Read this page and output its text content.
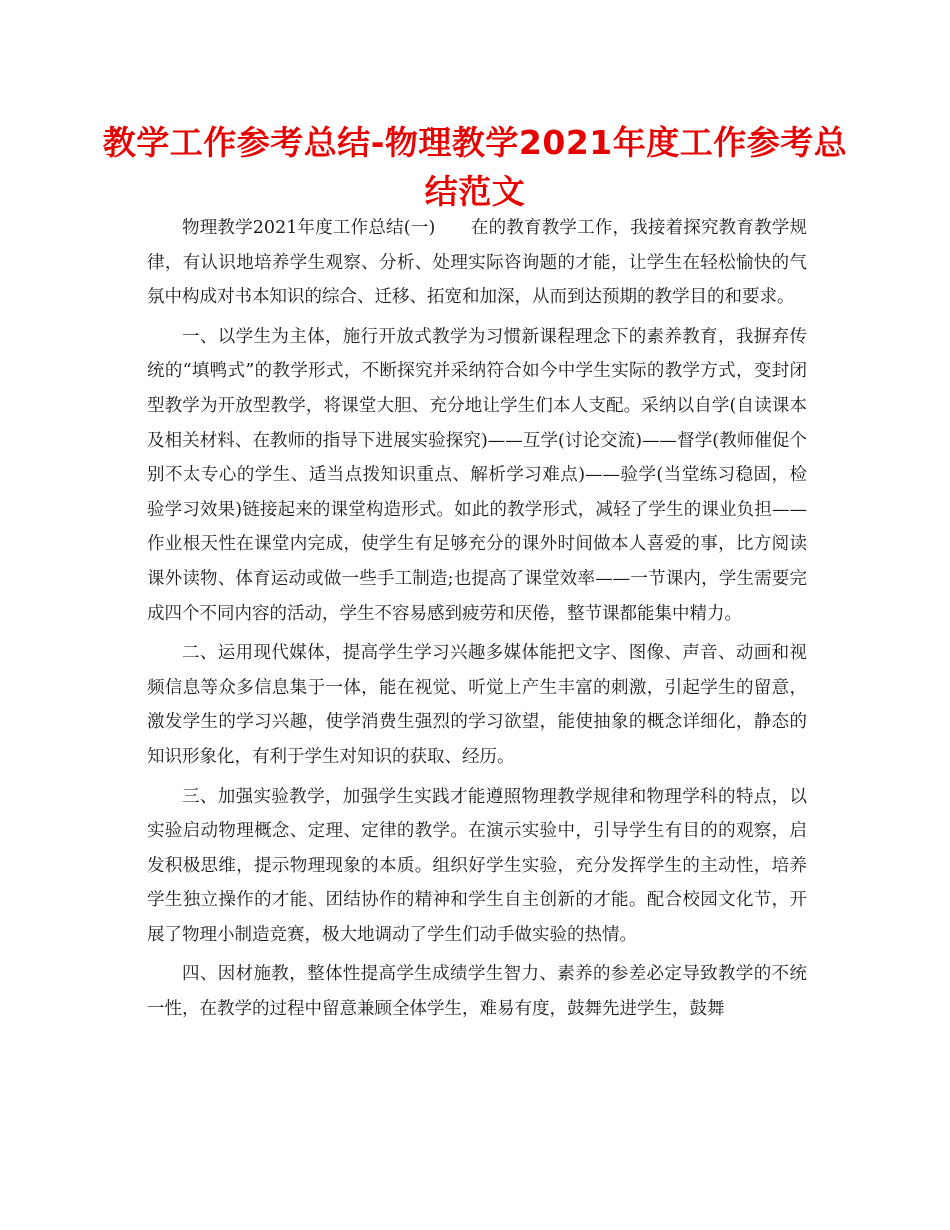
教学工作参考总结-物理教学2021年度工作参考总结范文

物理教学2021年度工作总结(一)　　在的教育教学工作，我接着探究教育教学规律，有认识地培养学生观察、分析、处理实际咨询题的才能，让学生在轻松愉快的气氛中构成对书本知识的综合、迁移、拓宽和加深，从而到达预期的教学目的和要求。

一、以学生为主体，施行开放式教学为习惯新课程理念下的素养教育，我摒弃传统的“填鸭式”的教学形式，不断探究并采纳符合如今中学生实际的教学方式，变封闭型教学为开放型教学，将课堂大胆、充分地让学生们本人支配。采纳以自学(自读课本及相关材料、在教师的指导下进展实验探究)——互学(讨论交流)——督学(教师催促个别不太专心的学生、适当点拨知识重点、解析学习难点)——验学(当堂练习稳固，检验学习效果)链接起来的课堂构造形式。如此的教学形式，减轻了学生的课业负担——作业根天性在课堂内完成，使学生有足够充分的课外时间做本人喜爱的事，比方阅读课外读物、体育运动或做一些手工制造;也提高了课堂效率——一节课内，学生需要完成四个不同内容的活动，学生不容易感到疲劳和厌倦，整节课都能集中精力。

二、运用现代媒体，提高学生学习兴趣多媒体能把文字、图像、声音、动画和视频信息等众多信息集于一体，能在视觉、听觉上产生丰富的刺激，引起学生的留意，激发学生的学习兴趣，使学消费生强烈的学习欲望，能使抽象的概念详细化，静态的知识形象化，有利于学生对知识的获取、经历。

三、加强实验教学，加强学生实践才能遵照物理教学规律和物理学科的特点，以实验启动物理概念、定理、定律的教学。在演示实验中，引导学生有目的的观察，启发积极思维，提示物理现象的本质。组织好学生实验，充分发挥学生的主动性，培养学生独立操作的才能、团结协作的精神和学生自主创新的才能。配合校园文化节，开展了物理小制造竞赛，极大地调动了学生们动手做实验的热情。

四、因材施教，整体性提高学生成绩学生智力、素养的参差必定导致教学的不统一性，在教学的过程中留意兼顾全体学生，难易有度，鼓舞先进学生，鼓舞
